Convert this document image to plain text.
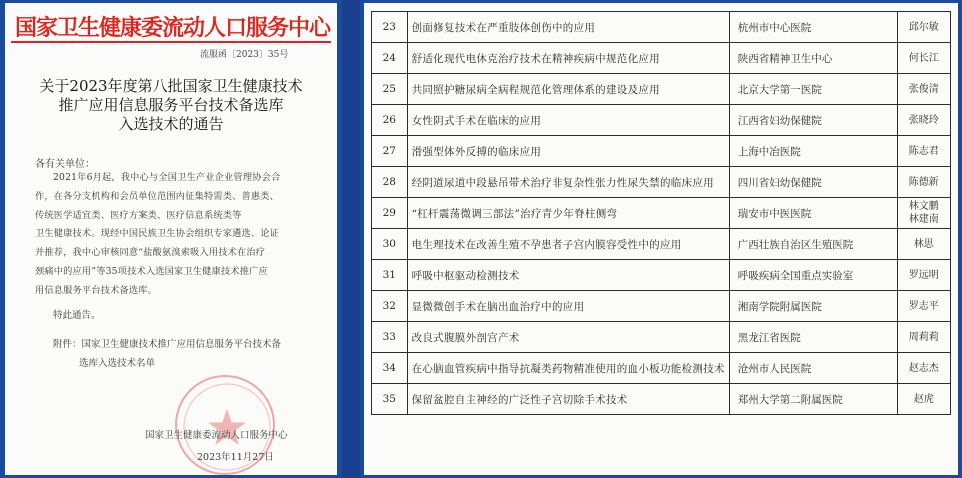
国家卫生健康委流动人口服务中心
流服函〔2023〕35号
关于2023年度第八批国家卫生健康技术
推广应用信息服务平台技术备选库
入选技术的通告
各有关单位：
2021年6月起，我中心与全国卫生产业企业管理协会合
作，在各分支机构和会员单位范围内征集特需类、普惠类、
传统医学适宜类、医疗方案类、医疗信息系统类等
卫生健康技术。现经中国民族卫生协会组织专家遴选、论证
并推荐，我中心审核同意“盐酸氨溴索吸入用技术在治疗
颈痛中的应用”等35项技术入选国家卫生健康技术推广应
用信息服务平台技术备选库。
特此通告。
附件：国家卫生健康技术推广应用信息服务平台技术备
选库入选技术名单
国家卫生健康委流动人口服务中心
2023年11月27日
23	创面修复技术在严重肢体创伤中的应用	杭州市中心医院	邱尔敏

24	舒适化现代电休克治疗技术在精神疾病中规范化应用	陕西省精神卫生中心	何长江

25	共同照护糖尿病全病程规范化管理体系的建设及应用	北京大学第一医院	张俊清

26	女性阴式手术在临床的应用	江西省妇幼保健院	张晓玲

27	滑强型体外反搏的临床应用	上海中冶医院	陈志君

28	经阴道尿道中段悬吊带术治疗非复杂性张力性尿失禁的临床应用	四川省妇幼保健院	陈德新

29	“杠杆震荡微调三部法”治疗青少年脊柱侧弯	瑞安市中医医院	林文鹏
林建南

30	电生理技术在改善生殖不孕患者子宫内膜容受性中的应用	广西壮族自治区生殖医院	林思

31	呼吸中枢驱动检测技术	呼吸疾病全国重点实验室	罗远明

32	显微微创手术在脑出血治疗中的应用	湘南学院附属医院	罗志平

33	改良式腹膜外剖宫产术	黑龙江省医院	周莉莉

34	在心脑血管疾病中指导抗凝类药物精准使用的血小板功能检测技术	沧州市人民医院	赵志杰

35	保留盆腔自主神经的广泛性子宫切除手术技术	郑州大学第二附属医院	赵虎
